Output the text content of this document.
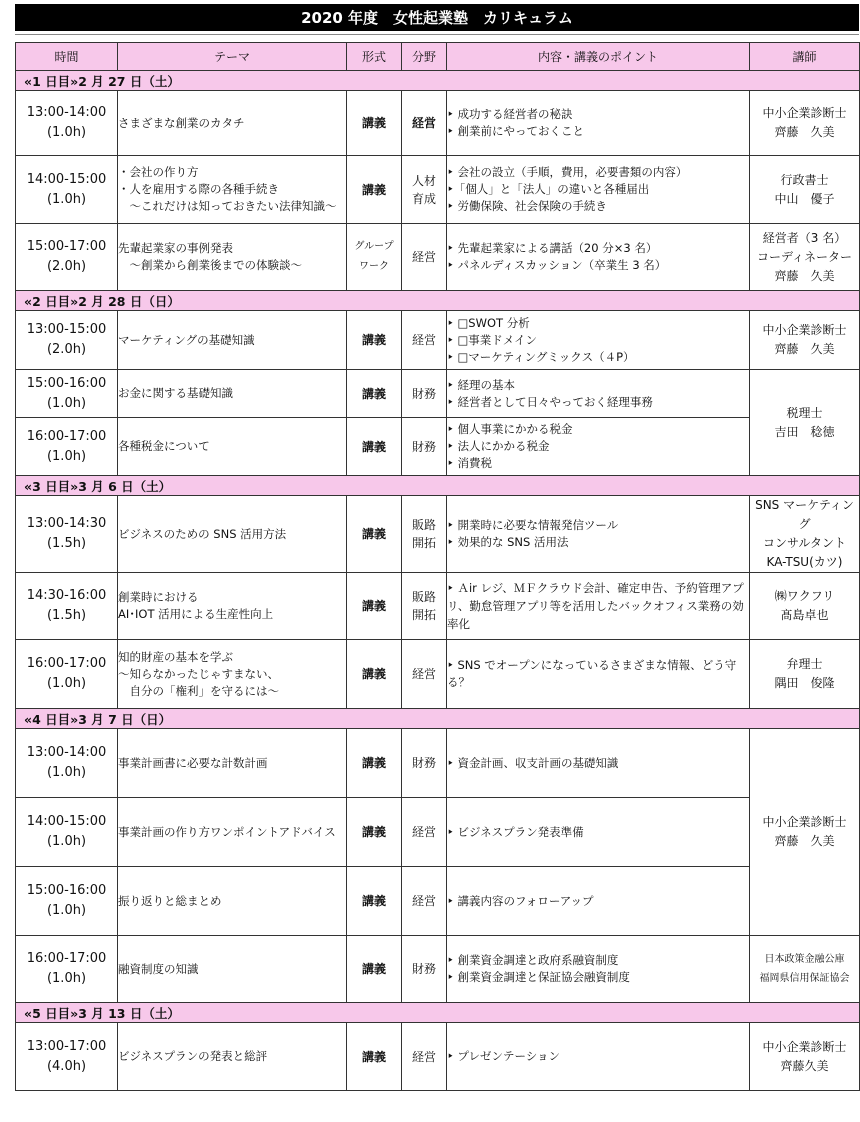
2020 年度　女性起業塾　カリキュラム
時間	テーマ	形式	分野	内容・講義のポイント	講師
«1 日目»2 月 27 日（土）					

13:00-14:00
(1.0h)	さまざまな創業のカタチ	講義	経営	‣ 成功する経営者の秘訣
‣ 創業前にやっておくこと	中小企業診断士
齊藤　久美

14:00-15:00
(1.0h)	・会社の作り方
・人を雇用する際の各種手続き
　～これだけは知っておきたい法律知識～	講義	人材
育成	‣ 会社の設立（手順，費用，必要書類の内容）
‣「個人」と「法人」の違いと各種届出
‣ 労働保険、社会保険の手続き	行政書士
中山　優子

15:00-17:00
(2.0h)	先輩起業家の事例発表
　～創業から創業後までの体験談～	グループ
ワーク	経営	‣ 先輩起業家による講話（20 分×3 名）
‣ パネルディスカッション（卒業生 3 名）	経営者（3 名）
コーディネーター
齊藤　久美

«2 日目»2 月 28 日（日）					

13:00-15:00
(2.0h)	マーケティングの基礎知識	講義	経営	‣ □SWOT 分析
‣ □事業ドメイン
‣ □マーケティングミックス（４P）	中小企業診断士
齊藤　久美

15:00-16:00
(1.0h)	お金に関する基礎知識	講義	財務	‣ 経理の基本
‣ 経営者として日々やっておく経理事務	税理士
吉田　稔徳

16:00-17:00
(1.0h)	各種税金について	講義	財務	‣ 個人事業にかかる税金
‣ 法人にかかる税金
‣ 消費税	

«3 日目»3 月 6 日（土）					

13:00-14:30
(1.5h)	ビジネスのための SNS 活用方法	講義	販路
開拓	‣ 開業時に必要な情報発信ツール
‣ 効果的な SNS 活用法	SNS マーケティング
コンサルタント
KA-TSU(カツ)

14:30-16:00
(1.5h)	創業時における
AI･IOT 活用による生産性向上	講義	販路
開拓	‣ Ａir レジ、ＭＦクラウド会計、確定申告、予約管理アプリ、勤怠管理アプリ等を活用したバックオフィス業務の効率化	㈱ワクフリ
髙島卓也

16:00-17:00
(1.0h)	知的財産の基本を学ぶ
～知らなかったじゃすまない、
　自分の「権利」を守るには～	講義	経営	‣ SNS でオープンになっているさまざまな情報、どう守る？	弁理士
隅田　俊隆

«4 日目»3 月 7 日（日）					

13:00-14:00
(1.0h)	事業計画書に必要な計数計画	講義	財務	‣ 資金計画、収支計画の基礎知識	中小企業診断士
齊藤　久美

14:00-15:00
(1.0h)	事業計画の作り方ワンポイントアドバイス	講義	経営	‣ ビジネスプラン発表準備	

15:00-16:00
(1.0h)	振り返りと総まとめ	講義	経営	‣ 講義内容のフォローアップ	

16:00-17:00
(1.0h)	融資制度の知識	講義	財務	‣ 創業資金調達と政府系融資制度
‣ 創業資金調達と保証協会融資制度	日本政策金融公庫
福岡県信用保証協会

«5 日目»3 月 13 日（土）					

13:00-17:00
(4.0h)	ビジネスプランの発表と総評	講義	経営	‣ プレゼンテーション	中小企業診断士
齊藤久美
